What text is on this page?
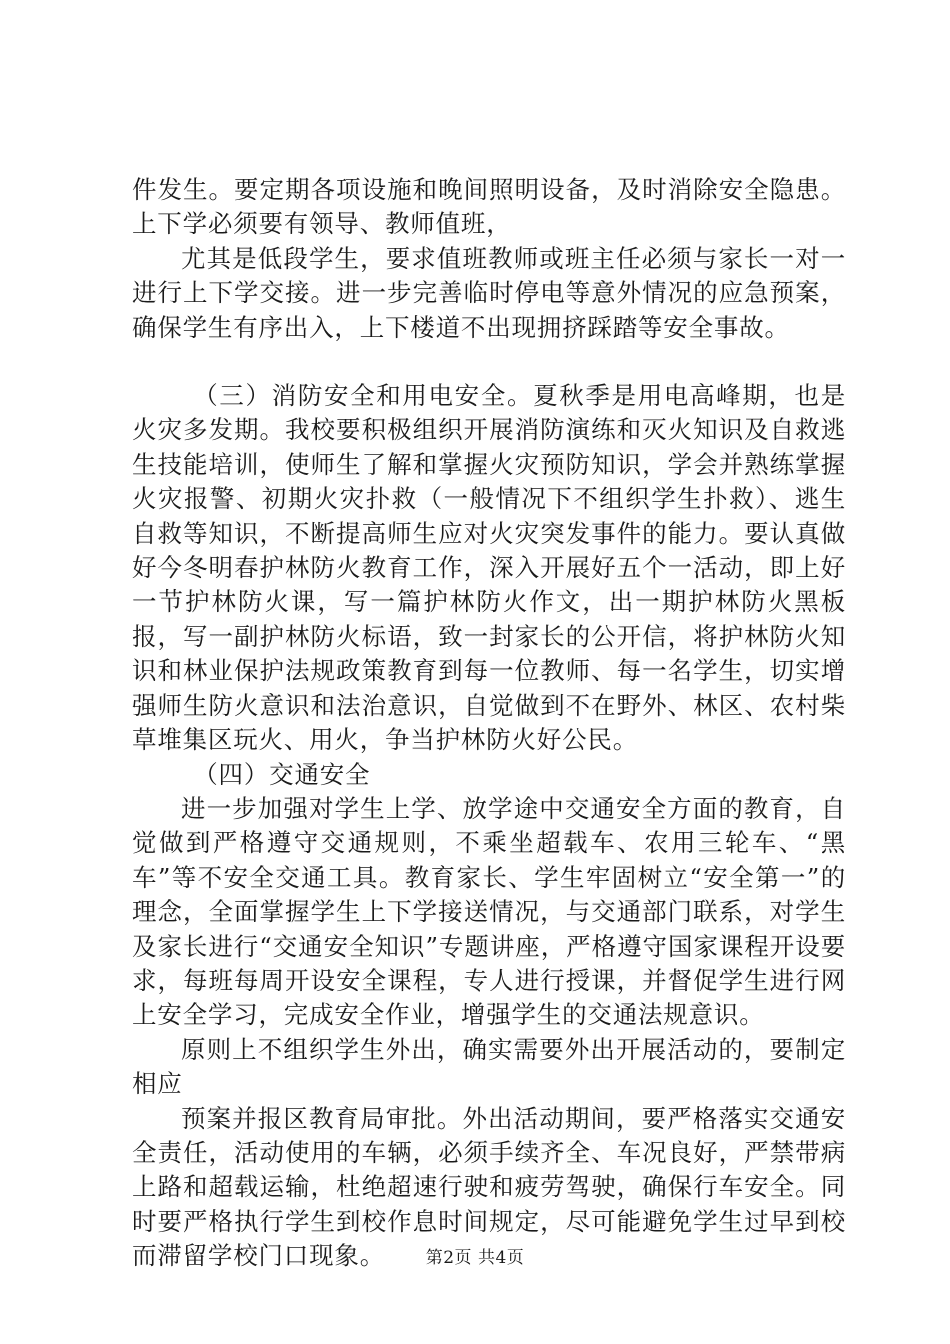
件发生。要定期各项设施和晚间照明设备，及时消除安全隐患。上下学必须要有领导、教师值班，

尤其是低段学生，要求值班教师或班主任必须与家长一对一进行上下学交接。进一步完善临时停电等意外情况的应急预案，确保学生有序出入，上下楼道不出现拥挤踩踏等安全事故。

（三）消防安全和用电安全。夏秋季是用电高峰期，也是火灾多发期。我校要积极组织开展消防演练和灭火知识及自救逃生技能培训，使师生了解和掌握火灾预防知识，学会并熟练掌握火灾报警、初期火灾扑救（一般情况下不组织学生扑救）、逃生自救等知识，不断提高师生应对火灾突发事件的能力。要认真做好今冬明春护林防火教育工作，深入开展好五个一活动，即上好一节护林防火课，写一篇护林防火作文，出一期护林防火黑板报，写一副护林防火标语，致一封家长的公开信，将护林防火知识和林业保护法规政策教育到每一位教师、每一名学生，切实增强师生防火意识和法治意识，自觉做到不在野外、林区、农村柴草堆集区玩火、用火，争当护林防火好公民。

（四）交通安全

进一步加强对学生上学、放学途中交通安全方面的教育，自觉做到严格遵守交通规则，不乘坐超载车、农用三轮车、“黑车”等不安全交通工具。教育家长、学生牢固树立“安全第一”的理念，全面掌握学生上下学接送情况，与交通部门联系，对学生及家长进行“交通安全知识”专题讲座，严格遵守国家课程开设要求，每班每周开设安全课程，专人进行授课，并督促学生进行网上安全学习，完成安全作业，增强学生的交通法规意识。

原则上不组织学生外出，确实需要外出开展活动的，要制定相应

预案并报区教育局审批。外出活动期间，要严格落实交通安全责任，活动使用的车辆，必须手续齐全、车况良好，严禁带病上路和超载运输，杜绝超速行驶和疲劳驾驶，确保行车安全。同时要严格执行学生到校作息时间规定，尽可能避免学生过早到校而滞留学校门口现象。	第2页 共4页
